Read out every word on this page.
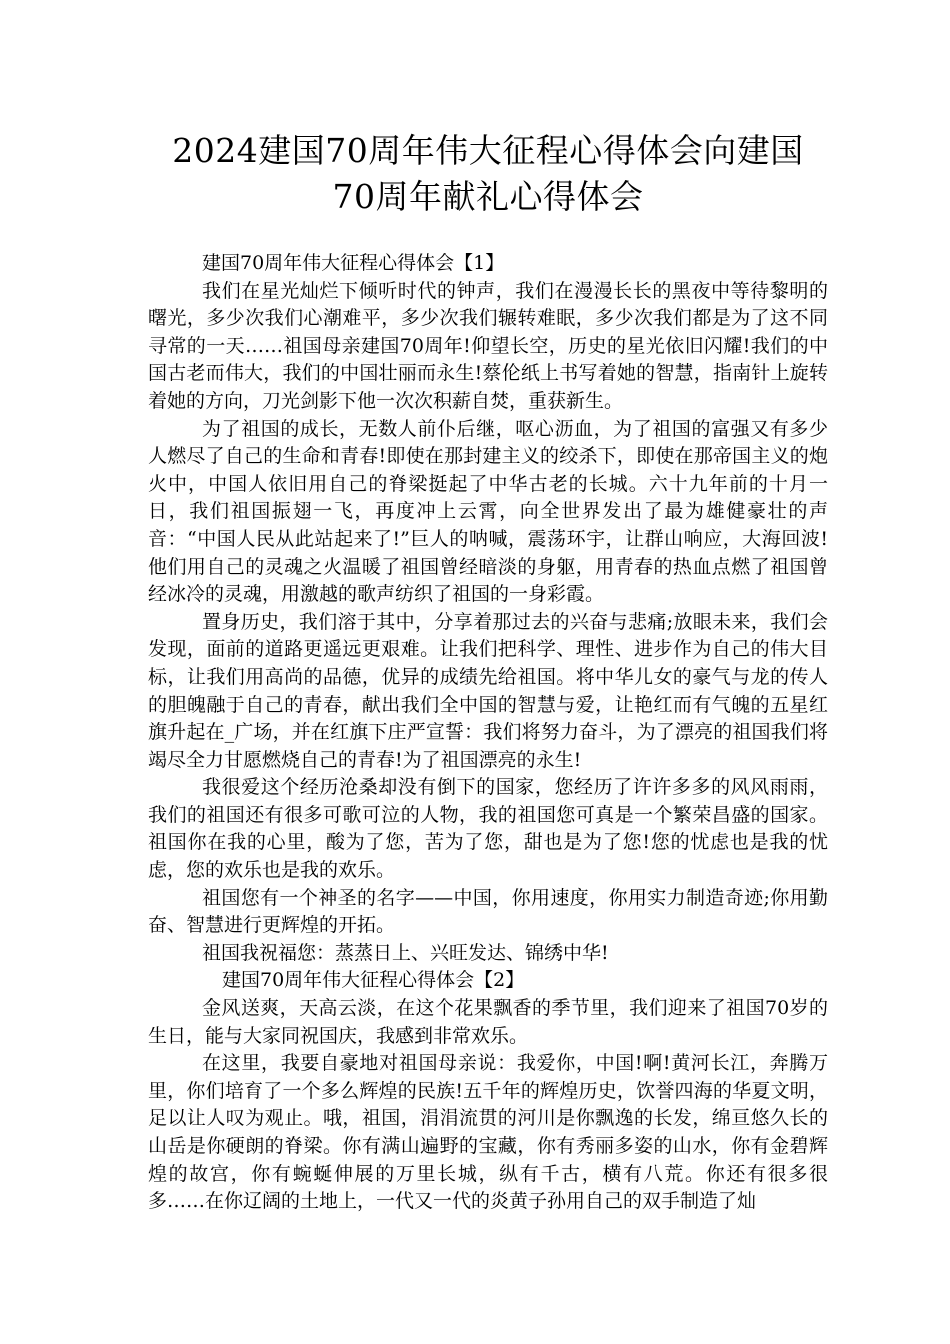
2024建国70周年伟大征程心得体会向建国
70周年献礼心得体会

建国70周年伟大征程心得体会【1】

我们在星光灿烂下倾听时代的钟声，我们在漫漫长长的黑夜中等待黎明的曙光，多少次我们心潮难平，多少次我们辗转难眠，多少次我们都是为了这不同寻常的一天……祖国母亲建国70周年!仰望长空，历史的星光依旧闪耀!我们的中国古老而伟大，我们的中国壮丽而永生!蔡伦纸上书写着她的智慧，指南针上旋转着她的方向，刀光剑影下他一次次积薪自焚，重获新生。

为了祖国的成长，无数人前仆后继，呕心沥血，为了祖国的富强又有多少人燃尽了自己的生命和青春!即使在那封建主义的绞杀下，即使在那帝国主义的炮火中，中国人依旧用自己的脊梁挺起了中华古老的长城。六十九年前的十月一日，我们祖国振翅一飞，再度冲上云霄，向全世界发出了最为雄健豪壮的声音：“中国人民从此站起来了!”巨人的呐喊，震荡环宇，让群山响应，大海回波!他们用自己的灵魂之火温暖了祖国曾经暗淡的身躯，用青春的热血点燃了祖国曾经冰冷的灵魂，用激越的歌声纺织了祖国的一身彩霞。

置身历史，我们溶于其中，分享着那过去的兴奋与悲痛;放眼未来，我们会发现，面前的道路更遥远更艰难。让我们把科学、理性、进步作为自己的伟大目标，让我们用高尚的品德，优异的成绩先给祖国。将中华儿女的豪气与龙的传人的胆魄融于自己的青春，献出我们全中国的智慧与爱，让艳红而有气魄的五星红旗升起在_广场，并在红旗下庄严宣誓：我们将努力奋斗，为了漂亮的祖国我们将竭尽全力甘愿燃烧自己的青春!为了祖国漂亮的永生!

我很爱这个经历沧桑却没有倒下的国家，您经历了许许多多的风风雨雨，我们的祖国还有很多可歌可泣的人物，我的祖国您可真是一个繁荣昌盛的国家。祖国你在我的心里，酸为了您，苦为了您，甜也是为了您!您的忧虑也是我的忧虑，您的欢乐也是我的欢乐。

祖国您有一个神圣的名字——中国，你用速度，你用实力制造奇迹;你用勤奋、智慧进行更辉煌的开拓。

祖国我祝福您：蒸蒸日上、兴旺发达、锦绣中华!

建国70周年伟大征程心得体会【2】

金风送爽，天高云淡，在这个花果飘香的季节里，我们迎来了祖国70岁的生日，能与大家同祝国庆，我感到非常欢乐。

在这里，我要自豪地对祖国母亲说：我爱你，中国!啊!黄河长江，奔腾万里，你们培育了一个多么辉煌的民族!五千年的辉煌历史，饮誉四海的华夏文明，足以让人叹为观止。哦，祖国，涓涓流贯的河川是你飘逸的长发，绵亘悠久长的山岳是你硬朗的脊梁。你有满山遍野的宝藏，你有秀丽多姿的山水，你有金碧辉煌的故宫，你有蜿蜒伸展的万里长城，纵有千古，横有八荒。你还有很多很多……在你辽阔的土地上，一代又一代的炎黄子孙用自己的双手制造了灿
